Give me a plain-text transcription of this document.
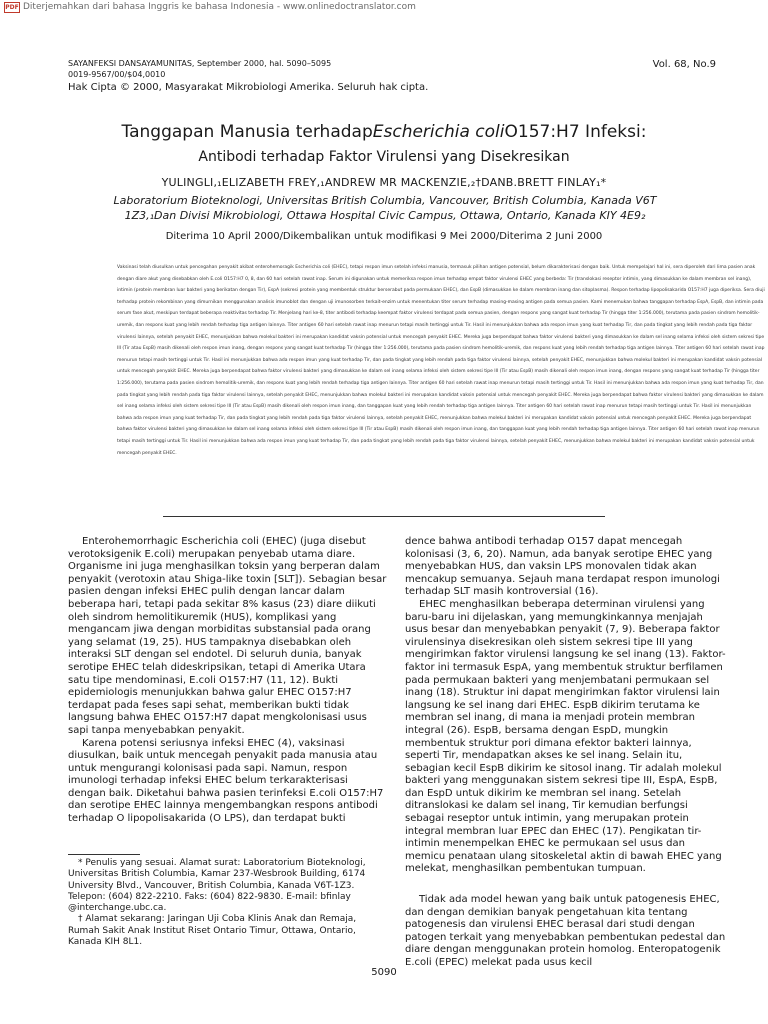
PDF Diterjemahkan dari bahasa Inggris ke bahasa Indonesia - www.onlinedoctranslator.com
SAYANFEKSI DANSAYAMUNITAS, September 2000, hal. 5090–5095
0019-9567/00/$04,0010
Hak Cipta © 2000, Masyarakat Mikrobiologi Amerika. Seluruh hak cipta.
Vol. 68, No.9
Tanggapan Manusia terhadapEscherichia coliO157:H7 Infeksi:
Antibodi terhadap Faktor Virulensi yang Disekresikan
YULINGLI,₁ELIZABETH FREY,₁ANDREW MR MACKENZIE,₂†DANB.BRETT FINLAY₁*
Laboratorium Bioteknologi, Universitas British Columbia, Vancouver, British Columbia, Kanada V6T 1Z3,₁Dan Divisi Mikrobiologi, Ottawa Hospital Civic Campus, Ottawa, Ontario, Kanada KIY 4E9₂
Diterima 10 April 2000/Dikembalikan untuk modifikasi 9 Mei 2000/Diterima 2 Juni 2000

Vaksinasi telah diusulkan untuk pencegahan penyakit akibat enterohemoragik Escherichia coli (EHEC), tetapi respon imun setelah infeksi manusia, termasuk pilihan antigen potensial, belum dikarakterisasi dengan baik. Untuk mempelajari hal ini, sera diperoleh dari lima pasien anak dengan diare akut yang disebabkan oleh E.coli O157:H7 0, 8, dan 60 hari setelah rawat inap. Serum ini digunakan untuk memeriksa respon imun terhadap empat faktor virulensi EHEC yang berbeda: Tir (translokasi reseptor intimin, yang dimasukkan ke dalam membran sel inang), intimin (protein membran luar bakteri yang berikatan dengan Tir), EspA (sekresi protein yang membentuk struktur berserabut pada permukaan EHEC), dan EspB (dimasukkan ke dalam membran inang dan sitoplasma). Respon terhadap lipopolisakarida O157:H7 juga diperiksa. Sera diuji terhadap protein rekombinan yang dimurnikan menggunakan analisis imunoblot dan dengan uji imunosorben terkait-enzim untuk menentukan titer serum terhadap masing-masing antigen pada semua pasien. Kami menemukan bahwa tanggapan terhadap EspA, EspB, dan intimin pada serum fase akut, meskipun terdapat beberapa reaktivitas terhadap Tir. Menjelang hari ke-8, titer antibodi terhadap keempat faktor virulensi terdapat pada semua pasien, dengan respons yang sangat kuat terhadap Tir (hingga titer 1:256.000), terutama pada pasien sindrom hemolitik-uremik, dan respons kuat yang lebih rendah terhadap tiga antigen lainnya. Titer antigen 60 hari setelah rawat inap menurun tetapi masih tertinggi untuk Tir. Hasil ini menunjukkan bahwa ada respon imun yang kuat terhadap Tir, dan pada tingkat yang lebih rendah pada tiga faktor virulensi lainnya, setelah penyakit EHEC, menunjukkan bahwa molekul bakteri ini merupakan kandidat vaksin potensial untuk mencegah penyakit EHEC. Mereka juga berpendapat bahwa faktor virulensi bakteri yang dimasukkan ke dalam sel inang selama infeksi oleh sistem sekresi tipe III (Tir atau EspB) masih dikenali oleh respon imun inang, dengan respons yang sangat kuat terhadap Tir (hingga titer 1:256.000), terutama pada pasien sindrom hemolitik-uremik, dan respons kuat yang lebih rendah terhadap tiga antigen lainnya. Titer antigen 60 hari setelah rawat inap menurun tetapi masih tertinggi untuk Tir. Hasil ini menunjukkan bahwa ada respon imun yang kuat terhadap Tir, dan pada tingkat yang lebih rendah pada tiga faktor virulensi lainnya, setelah penyakit EHEC, menunjukkan bahwa molekul bakteri ini merupakan kandidat vaksin potensial untuk mencegah penyakit EHEC. Mereka juga berpendapat bahwa faktor virulensi bakteri yang dimasukkan ke dalam sel inang selama infeksi oleh sistem sekresi tipe III (Tir atau EspB) masih dikenali oleh respon imun inang, dengan respons yang sangat kuat terhadap Tir (hingga titer 1:256.000), terutama pada pasien sindrom hemolitik-uremik, dan respons kuat yang lebih rendah terhadap tiga antigen lainnya. Titer antigen 60 hari setelah rawat inap menurun tetapi masih tertinggi untuk Tir. Hasil ini menunjukkan bahwa ada respon imun yang kuat terhadap Tir, dan pada tingkat yang lebih rendah pada tiga faktor virulensi lainnya, setelah penyakit EHEC, menunjukkan bahwa molekul bakteri ini merupakan kandidat vaksin potensial untuk mencegah penyakit EHEC. Mereka juga berpendapat bahwa faktor virulensi bakteri yang dimasukkan ke dalam sel inang selama infeksi oleh sistem sekresi tipe III (Tir atau EspB) masih dikenali oleh respon imun inang, dan tanggapan kuat yang lebih rendah terhadap tiga antigen lainnya. Titer antigen 60 hari setelah rawat inap menurun tetapi masih tertinggi untuk Tir. Hasil ini menunjukkan bahwa ada respon imun yang kuat terhadap Tir, dan pada tingkat yang lebih rendah pada tiga faktor virulensi lainnya, setelah penyakit EHEC, menunjukkan bahwa molekul bakteri ini merupakan kandidat vaksin potensial untuk mencegah penyakit EHEC. Mereka juga berpendapat bahwa faktor virulensi bakteri yang dimasukkan ke dalam sel inang selama infeksi oleh sistem sekresi tipe III (Tir atau EspB) masih dikenali oleh respon imun inang, dan tanggapan kuat yang lebih rendah terhadap tiga antigen lainnya. Titer antigen 60 hari setelah rawat inap menurun tetapi masih tertinggi untuk Tir. Hasil ini menunjukkan bahwa ada respon imun yang kuat terhadap Tir, dan pada tingkat yang lebih rendah pada tiga faktor virulensi lainnya, setelah penyakit EHEC, menunjukkan bahwa molekul bakteri ini merupakan kandidat vaksin potensial untuk mencegah penyakit EHEC.

Enterohemorrhagic Escherichia coli (EHEC) (juga disebut verotoksigenik E.coli) merupakan penyebab utama diare. Organisme ini juga menghasilkan toksin yang berperan dalam penyakit (verotoxin atau Shiga-like toxin [SLT]). Sebagian besar pasien dengan infeksi EHEC pulih dengan lancar dalam beberapa hari, tetapi pada sekitar 8% kasus (23) diare diikuti oleh sindrom hemolitikuremik (HUS), komplikasi yang mengancam jiwa dengan morbiditas substansial pada orang yang selamat (19, 25). HUS tampaknya disebabkan oleh interaksi SLT dengan sel endotel. Di seluruh dunia, banyak serotipe EHEC telah dideskripsikan, tetapi di Amerika Utara satu tipe mendominasi, E.coli O157:H7 (11, 12). Bukti epidemiologis menunjukkan bahwa galur EHEC O157:H7 terdapat pada feses sapi sehat, memberikan bukti tidak langsung bahwa EHEC O157:H7 dapat mengkolonisasi usus sapi tanpa menyebabkan penyakit.

Karena potensi seriusnya infeksi EHEC (4), vaksinasi diusulkan, baik untuk mencegah penyakit pada manusia atau untuk mengurangi kolonisasi pada sapi. Namun, respon imunologi terhadap infeksi EHEC belum terkarakterisasi dengan baik. Diketahui bahwa pasien terinfeksi E.coli O157:H7 dan serotipe EHEC lainnya mengembangkan respons antibodi terhadap O lipopolisakarida (O LPS), dan terdapat bukti

dence bahwa antibodi terhadap O157 dapat mencegah kolonisasi (3, 6, 20). Namun, ada banyak serotipe EHEC yang menyebabkan HUS, dan vaksin LPS monovalen tidak akan mencakup semuanya. Sejauh mana terdapat respon imunologi terhadap SLT masih kontroversial (16).

EHEC menghasilkan beberapa determinan virulensi yang baru-baru ini dijelaskan, yang memungkinkannya menjajah usus besar dan menyebabkan penyakit (7, 9). Beberapa faktor virulensinya disekresikan oleh sistem sekresi tipe III yang mengirimkan faktor virulensi langsung ke sel inang (13). Faktor-faktor ini termasuk EspA, yang membentuk struktur berfilamen pada permukaan bakteri yang menjembatani permukaan sel inang (18). Struktur ini dapat mengirimkan faktor virulensi lain langsung ke sel inang dari EHEC. EspB dikirim terutama ke membran sel inang, di mana ia menjadi protein membran integral (26). EspB, bersama dengan EspD, mungkin membentuk struktur pori dimana efektor bakteri lainnya, seperti Tir, mendapatkan akses ke sel inang. Selain itu, sebagian kecil EspB dikirim ke sitosol inang. Tir adalah molekul bakteri yang menggunakan sistem sekresi tipe III, EspA, EspB, dan EspD untuk dikirim ke membran sel inang. Setelah ditranslokasi ke dalam sel inang, Tir kemudian berfungsi sebagai reseptor untuk intimin, yang merupakan protein integral membran luar EPEC dan EHEC (17). Pengikatan tir-intimin menempelkan EHEC ke permukaan sel usus dan memicu penataan ulang sitoskeletal aktin di bawah EHEC yang melekat, menghasilkan pembentukan tumpuan.

Tidak ada model hewan yang baik untuk patogenesis EHEC, dan dengan demikian banyak pengetahuan kita tentang patogenesis dan virulensi EHEC berasal dari studi dengan patogen terkait yang menyebabkan pembentukan pedestal dan diare dengan menggunakan protein homolog. Enteropatogenik E.coli (EPEC) melekat pada usus kecil

* Penulis yang sesuai. Alamat surat: Laboratorium Bioteknologi, Universitas British Columbia, Kamar 237-Wesbrook Building, 6174 University Blvd., Vancouver, British Columbia, Kanada V6T-1Z3. Telepon: (604) 822-2210. Faks: (604) 822-9830. E-mail: bfinlay @interchange.ubc.ca.

† Alamat sekarang: Jaringan Uji Coba Klinis Anak dan Remaja, Rumah Sakit Anak Institut Riset Ontario Timur, Ottawa, Ontario, Kanada KIH 8L1.

5090
